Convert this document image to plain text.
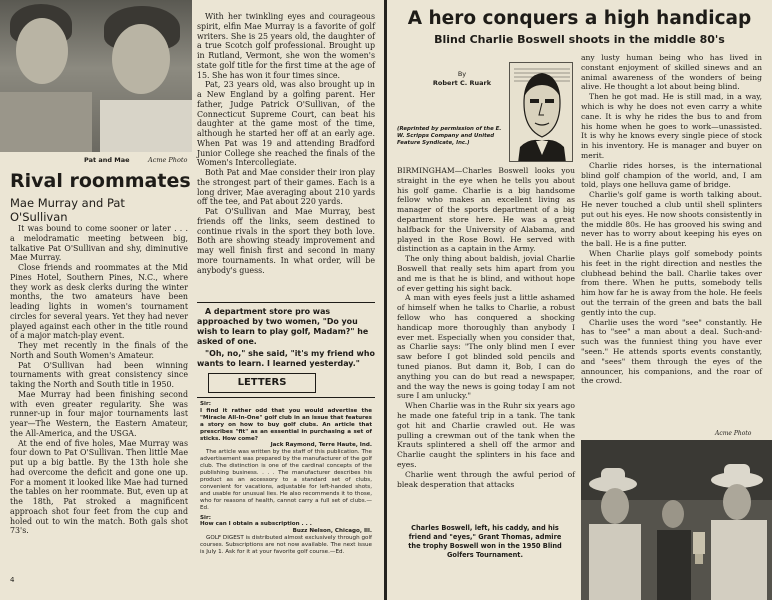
Pat and Mae	Acme Photo
Rival roommates
Mae Murray and Pat O'Sullivan

It was bound to come sooner or later . . . a melodramatic meeting between big, talkative Pat O'Sullivan and shy, diminutive Mae Murray.

Close friends and roommates at the Mid Pines Hotel, Southern Pines, N.C., where they work as desk clerks during the winter months, the two amateurs have been leading lights in women's tournament circles for several years. Yet they had never played against each other in the title round of a major match-play event.

They met recently in the finals of the North and South Women's Amateur.

Pat O'Sullivan had been winning tournaments with great consistency since taking the North and South title in 1950.

Mae Murray had been finishing second with even greater regularity. She was runner-up in four major tournaments last year—The Western, the Eastern Amateur, the All-America, and the USGA.

At the end of five holes, Mae Murray was four down to Pat O'Sullivan. Then little Mae put up a big battle. By the 13th hole she had overcome the deficit and gone one up. For a moment it looked like Mae had turned the tables on her roommate. But, even up at the 18th, Pat stroked a magnificent approach shot four feet from the cup and holed out to win the match. Both gals shot 73's.

With her twinkling eyes and courageous spirit, elfin Mae Murray is a favorite of golf writers. She is 25 years old, the daughter of a true Scotch golf professional. Brought up in Rutland, Vermont, she won the women's state golf title for the first time at the age of 15. She has won it four times since.

Pat, 23 years old, was also brought up in a New England by a golfing parent. Her father, Judge Patrick O'Sullivan, of the Connecticut Supreme Court, can beat his daughter at the game most of the time, although he started her off at an early age. When Pat was 19 and attending Bradford Junior College she reached the finals of the Women's Intercollegiate.

Both Pat and Mae consider their iron play the strongest part of their games. Each is a long driver, Mae averaging about 210 yards off the tee, and Pat about 220 yards.

Pat O'Sullivan and Mae Murray, best friends off the links, seem destined to continue rivals in the sport they both love. Both are showing steady improvement and may well finish first and second in many more tournaments. In what order, will be anybody's guess.

A department store pro was approached by two women, "Do you wish to learn to play golf, Madam?" he asked of one.

"Oh, no," she said, "it's my friend who wants to learn. I learned yesterday."

LETTERS
Sir:
I find it rather odd that you would advertise the "Miracle All-In-One" golf club in an issue that features a story on how to buy golf clubs. An article that prescribes "fit" as an essential in purchasing a set of sticks. How come?
Jack Raymond, Terre Haute, Ind.
The article was written by the staff of this publication. The advertisement was prepared by the manufacturer of the golf club. The distinction is one of the cardinal concepts of the publishing business. . . . The manufacturer describes his product as an accessory to a standard set of clubs, convenient for vacations, adjustable for left-handed shots, and usable for unusual lies. He also recommends it to those, who for reasons of health, cannot carry a full set of clubs.—Ed.
Sir:
How can I obtain a subscription . . .
Buzz Nelson, Chicago, Ill.
GOLF DIGEST is distributed almost exclusively through golf courses. Subscriptions are not now available. The next issue is July 1. Ask for it at your favorite golf course.—Ed.
4
A hero conquers a high handicap
Blind Charlie Boswell shoots in the middle 80's
By
Robert C. Ruark
(Reprinted by permission of the E. W. Scripps Company and United Feature Syndicate, Inc.)

BIRMINGHAM—Charles Boswell looks you straight in the eye when he tells you about his golf game. Charlie is a big handsome fellow who makes an excellent living as manager of the sports department of a big department store here. He was a great halfback for the University of Alabama, and played in the Rose Bowl. He served with distinction as a captain in the Army.

The only thing about baldish, jovial Charlie Boswell that really sets him apart from you and me is that he is blind, and without hope of ever getting his sight back.

A man with eyes feels just a little ashamed of himself when he talks to Charlie, a robust fellow who has conquered a shocking handicap more thoroughly than anybody I ever met. Especially when you consider that, as Charlie says: "The only blind men I ever saw before I got blinded sold pencils and tuned pianos. But damn it, Bob, I can do anything you can do but read a newspaper, and the way the news is going today I am not sure I am unlucky."

When Charlie was in the Ruhr six years ago he made one fateful trip in a tank. The tank got hit and Charlie crawled out. He was pulling a crewman out of the tank when the Krauts splintered a shell off the armor and Charlie caught the splinters in his face and eyes.

Charlie went through the awful period of bleak desperation that attacks

any lusty human being who has lived in constant enjoyment of skilled sinews and an animal awareness of the wonders of being alive. He thought a lot about being blind.

Then he got mad. He is still mad, in a way, which is why he does not even carry a white cane. It is why he rides the bus to and from his home when he goes to work—unassisted. It is why he knows every single piece of stock in his inventory. He is manager and buyer on merit.

Charlie rides horses, is the international blind golf champion of the world, and, I am told, plays one helluva game of bridge.

Charlie's golf game is worth talking about. He never touched a club until shell splinters put out his eyes. He now shoots consistently in the middle 80s. He has grooved his swing and never has to worry about keeping his eyes on the ball. He is a fine putter.

When Charlie plays golf somebody points his feet in the right direction and nestles the clubhead behind the ball. Charlie takes over from there. When he putts, somebody tells him how far he is away from the hole. He feels out the terrain of the green and bats the ball gently into the cup.

Charlie uses the word "see" constantly. He has to "see" a man about a deal. Such-and-such was the funniest thing you have ever "seen." He attends sports events constantly, and "sees" them through the eyes of the announcer, his companions, and the roar of the crowd.

Acme Photo
Charles Boswell, left, his caddy, and his friend and "eyes," Grant Thomas, admire the trophy Boswell won in the 1950 Blind Golfers Tournament.
